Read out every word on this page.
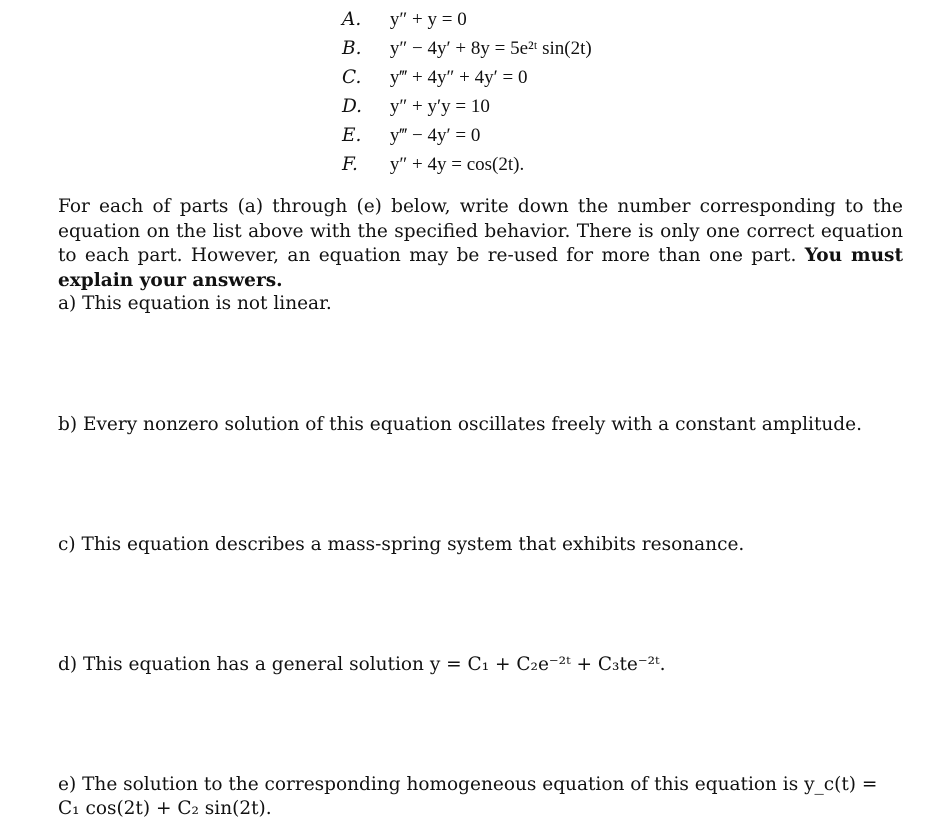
A. y″ + y = 0
B. y″ − 4y′ + 8y = 5e²ᵗ sin(2t)
C. y‴ + 4y″ + 4y′ = 0
D. y″ + y′y = 10
E. y‴ − 4y′ = 0
F. y″ + 4y = cos(2t).

For each of parts (a) through (e) below, write down the number corresponding to the equation on the list above with the specified behavior. There is only one correct equation to each part. However, an equation may be re-used for more than one part. You must explain your answers.

a) This equation is not linear.
b) Every nonzero solution of this equation oscillates freely with a constant amplitude.
c) This equation describes a mass-spring system that exhibits resonance.
d) This equation has a general solution y = C₁ + C₂e⁻²ᵗ + C₃te⁻²ᵗ.
e) The solution to the corresponding homogeneous equation of this equation is y_c(t) = C₁ cos(2t) + C₂ sin(2t).
